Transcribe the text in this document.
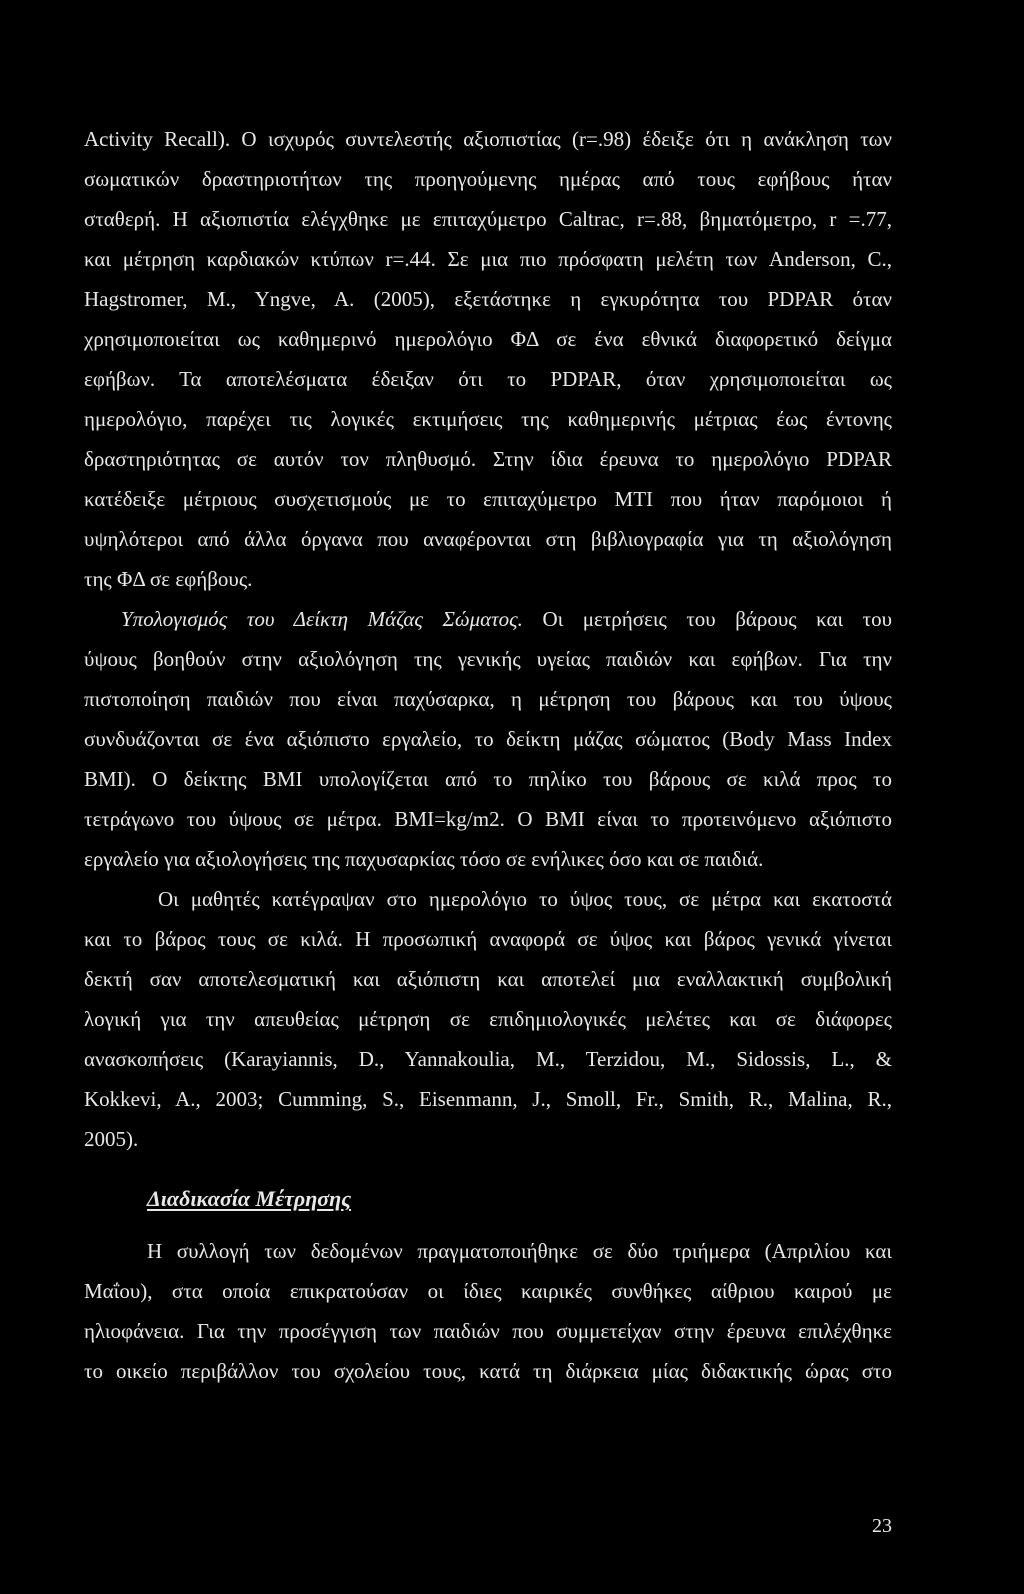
Activity Recall). Ο ισχυρός συντελεστής αξιοπιστίας (r=.98) έδειξε ότι η ανάκληση των
σωματικών δραστηριοτήτων της προηγούμενης ημέρας από τους εφήβους ήταν
σταθερή. Η αξιοπιστία ελέγχθηκε με επιταχύμετρο Caltrac, r=.88, βηματόμετρο, r =.77,
και μέτρηση καρδιακών κτύπων r=.44. Σε μια πιο πρόσφατη μελέτη των Anderson, C.,
Hagstromer, M., Yngve, A. (2005), εξετάστηκε η εγκυρότητα του PDPAR όταν
χρησιμοποιείται ως καθημερινό ημερολόγιο ΦΔ σε ένα εθνικά διαφορετικό δείγμα
εφήβων. Τα αποτελέσματα έδειξαν ότι το PDPAR, όταν χρησιμοποιείται ως
ημερολόγιο, παρέχει τις λογικές εκτιμήσεις της καθημερινής μέτριας έως έντονης
δραστηριότητας σε αυτόν τον πληθυσμό. Στην ίδια έρευνα το ημερολόγιο PDPAR
κατέδειξε μέτριους συσχετισμούς με το επιταχύμετρο MTI που ήταν παρόμοιοι ή
υψηλότεροι από άλλα όργανα που αναφέρονται στη βιβλιογραφία για τη αξιολόγηση
της ΦΔ σε εφήβους.
Υπολογισμός του Δείκτη Μάζας Σώματος. Οι μετρήσεις του βάρους και του
ύψους βοηθούν στην αξιολόγηση της γενικής υγείας παιδιών και εφήβων. Για την
πιστοποίηση παιδιών που είναι παχύσαρκα, η μέτρηση του βάρους και του ύψους
συνδυάζονται σε ένα αξιόπιστο εργαλείο, το δείκτη μάζας σώματος (Body Mass Index
BMI). Ο δείκτης BMI υπολογίζεται από το πηλίκο του βάρους σε κιλά προς το
τετράγωνο του ύψους σε μέτρα. BMI=kg/m2. Ο BMI είναι το προτεινόμενο αξιόπιστο
εργαλείο για αξιολογήσεις της παχυσαρκίας τόσο σε ενήλικες όσο και σε παιδιά.
Οι μαθητές κατέγραψαν στο ημερολόγιο το ύψος τους, σε μέτρα και εκατοστά
και το βάρος τους σε κιλά. Η προσωπική αναφορά σε ύψος και βάρος γενικά γίνεται
δεκτή σαν αποτελεσματική και αξιόπιστη και αποτελεί μια εναλλακτική συμβολική
λογική για την απευθείας μέτρηση σε επιδημιολογικές μελέτες και σε διάφορες
ανασκοπήσεις (Karayiannis, D., Yannakoulia, M., Terzidou, M., Sidossis, L., &
Kokkevi, A., 2003; Cumming, S., Eisenmann, J., Smoll, Fr., Smith, R., Malina, R.,
2005).
Διαδικασία Μέτρησης
Η συλλογή των δεδομένων πραγματοποιήθηκε σε δύο τριήμερα (Απριλίου και
Μαΐου), στα οποία επικρατούσαν οι ίδιες καιρικές συνθήκες αίθριου καιρού με
ηλιοφάνεια. Για την προσέγγιση των παιδιών που συμμετείχαν στην έρευνα επιλέχθηκε
το οικείο περιβάλλον του σχολείου τους, κατά τη διάρκεια μίας διδακτικής ώρας στο
23
